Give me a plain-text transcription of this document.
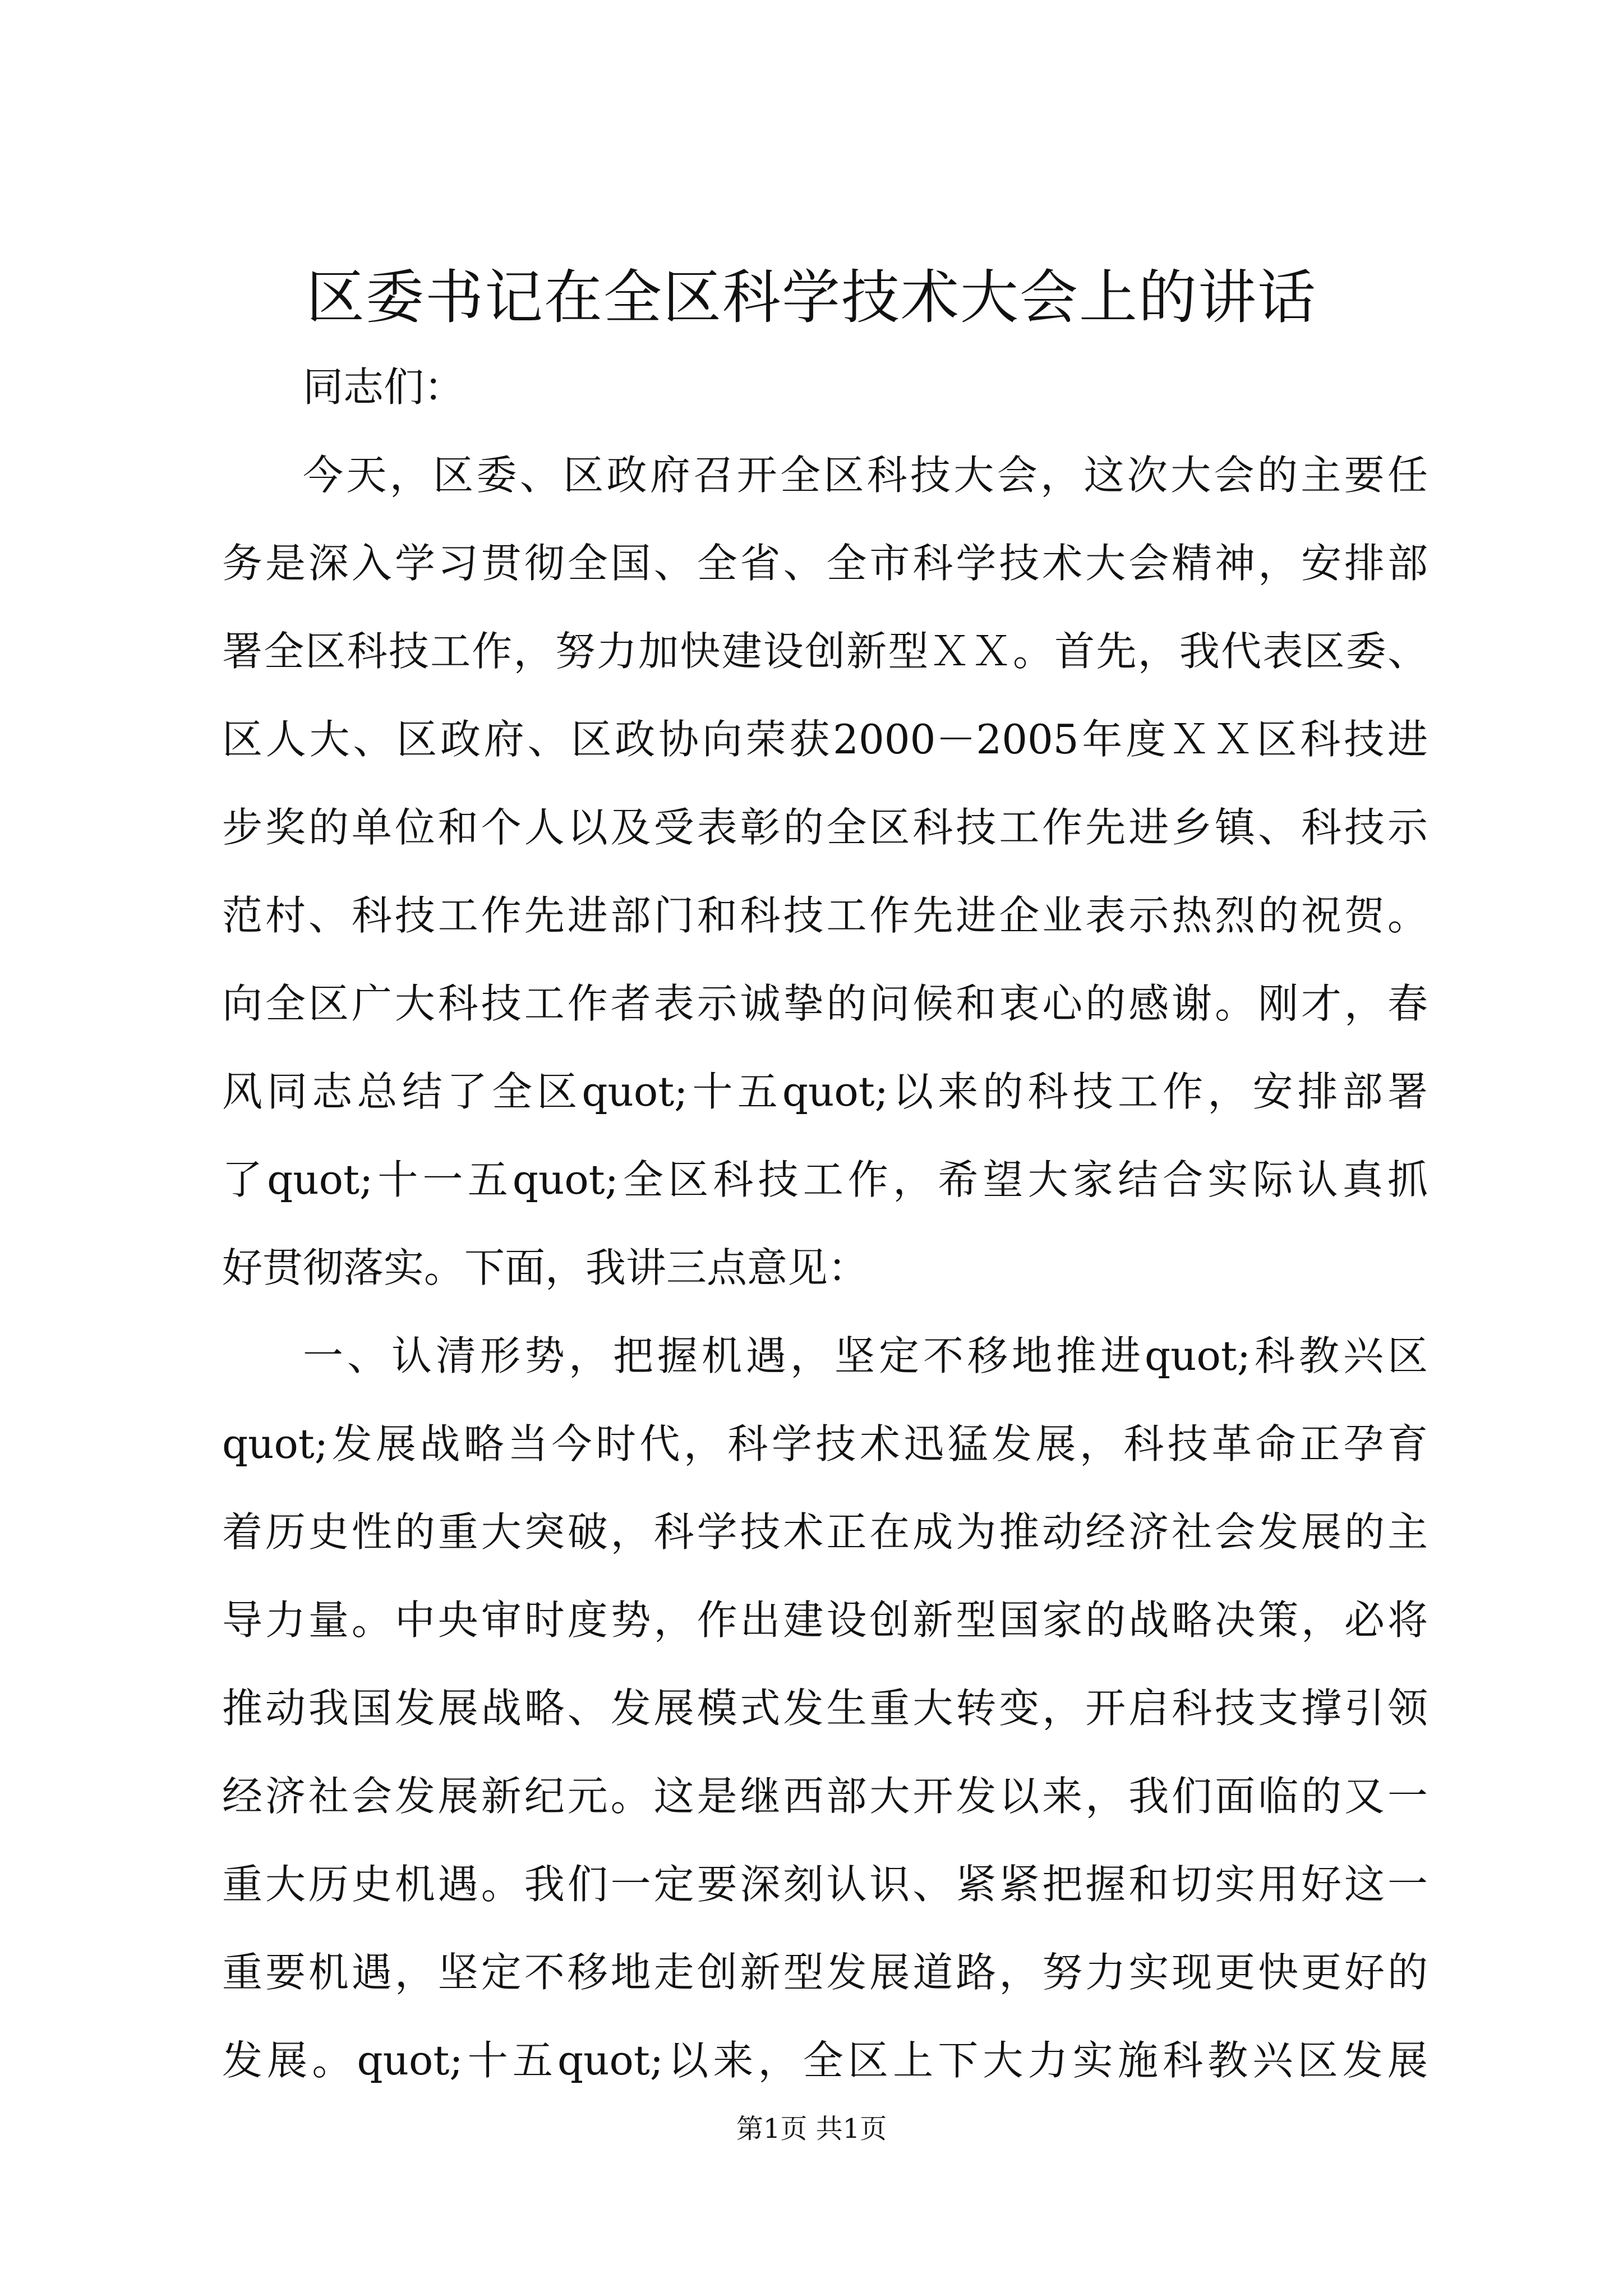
区委书记在全区科学技术大会上的讲话
同志们：
今天，区委、区政府召开全区科技大会，这次大会的主要任
务是深入学习贯彻全国、全省、全市科学技术大会精神，安排部
署全区科技工作，努力加快建设创新型ＸＸ。首先，我代表区委、
区人大、区政府、区政协向荣获2000－2005年度ＸＸ区科技进
步奖的单位和个人以及受表彰的全区科技工作先进乡镇、科技示
范村、科技工作先进部门和科技工作先进企业表示热烈的祝贺。
向全区广大科技工作者表示诚挚的问候和衷心的感谢。刚才，春
风同志总结了全区quot;十五quot;以来的科技工作，安排部署
了quot;十一五quot;全区科技工作，希望大家结合实际认真抓
好贯彻落实。下面，我讲三点意见：
一、认清形势，把握机遇，坚定不移地推进quot;科教兴区
quot;发展战略当今时代，科学技术迅猛发展，科技革命正孕育
着历史性的重大突破，科学技术正在成为推动经济社会发展的主
导力量。中央审时度势，作出建设创新型国家的战略决策，必将
推动我国发展战略、发展模式发生重大转变，开启科技支撑引领
经济社会发展新纪元。这是继西部大开发以来，我们面临的又一
重大历史机遇。我们一定要深刻认识、紧紧把握和切实用好这一
重要机遇，坚定不移地走创新型发展道路，努力实现更快更好的
发展。quot;十五quot;以来，全区上下大力实施科教兴区发展
第1页 共1页
